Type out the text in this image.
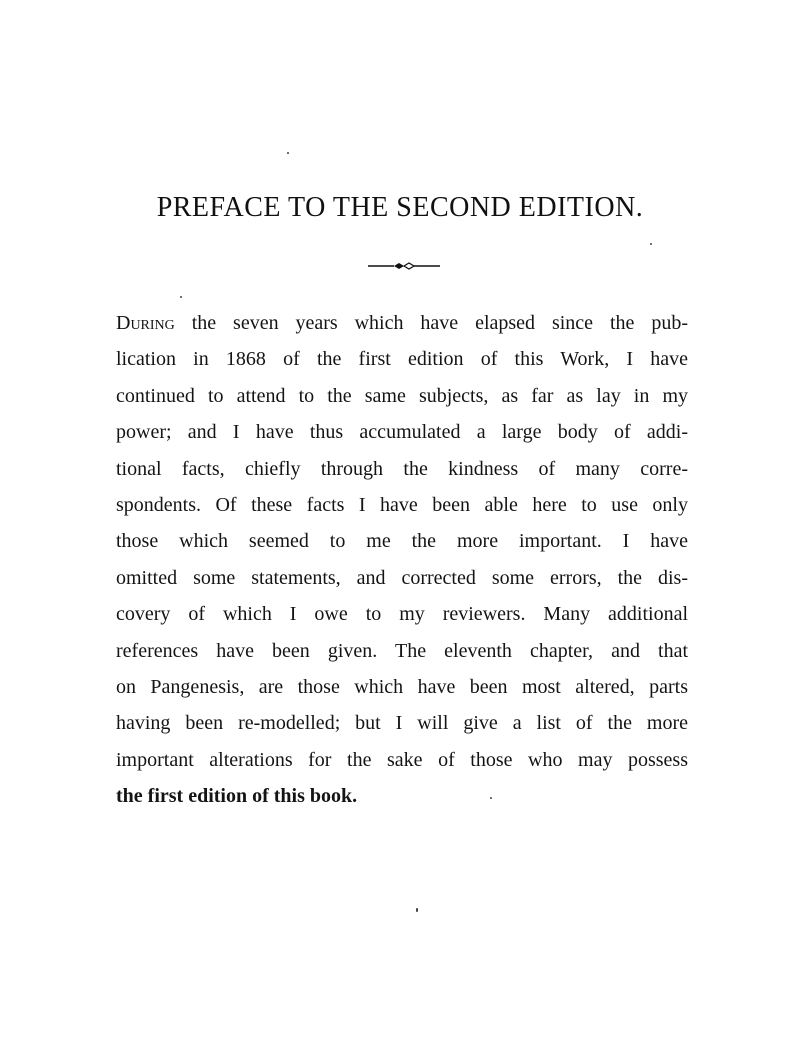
PREFACE TO THE SECOND EDITION.
During the seven years which have elapsed since the pub-
lication in 1868 of the first edition of this Work, I have
continued to attend to the same subjects, as far as lay in my
power; and I have thus accumulated a large body of addi-
tional facts, chiefly through the kindness of many corre-
spondents. Of these facts I have been able here to use only
those which seemed to me the more important. I have
omitted some statements, and corrected some errors, the dis-
covery of which I owe to my reviewers. Many additional
references have been given. The eleventh chapter, and that
on Pangenesis, are those which have been most altered, parts
having been re-modelled; but I will give a list of the more
important alterations for the sake of those who may possess
the first edition of this book.
